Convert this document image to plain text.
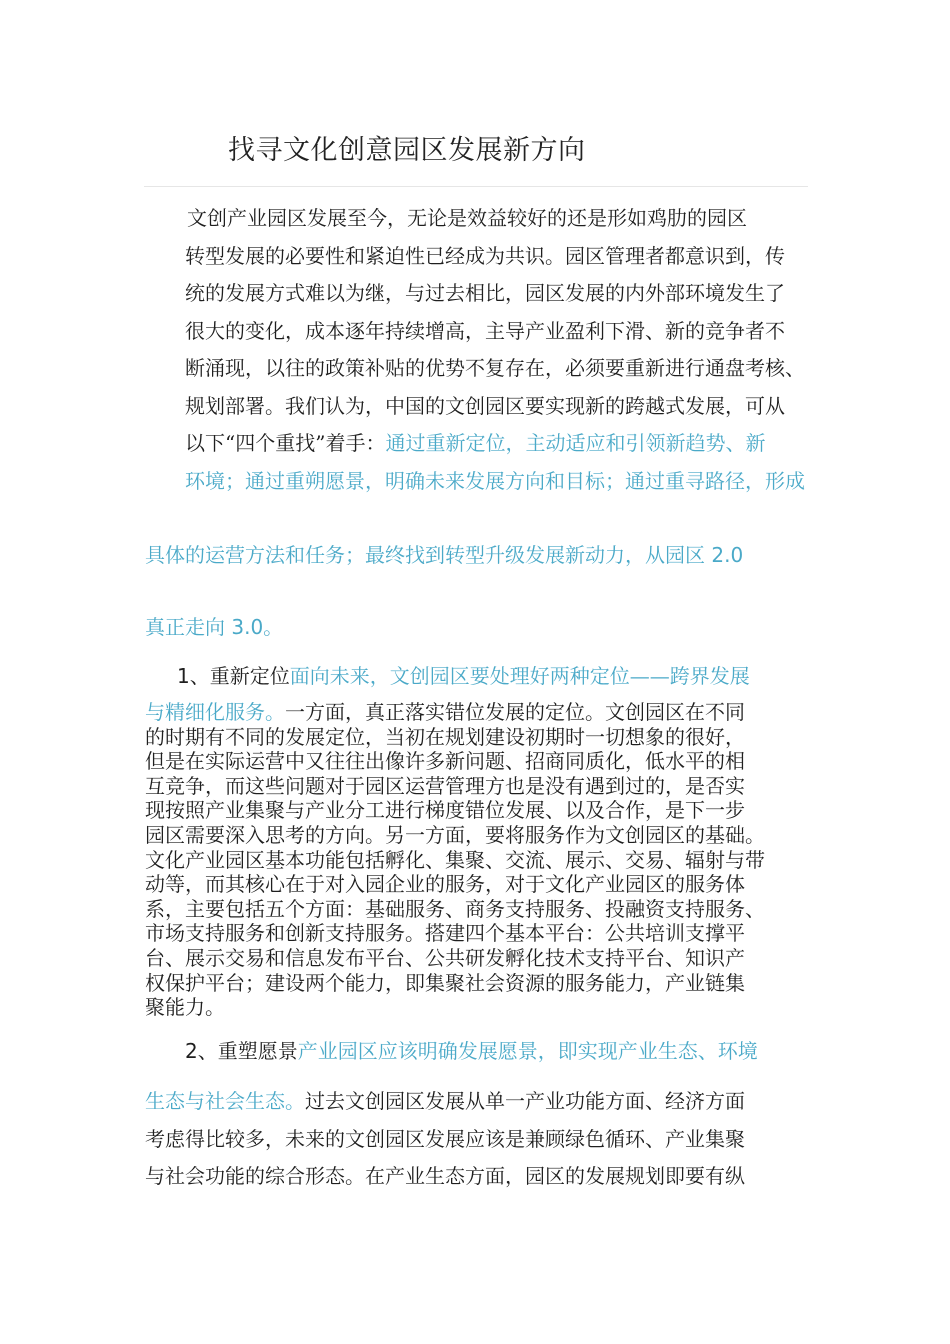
找寻文化创意园区发展新方向
文创产业园区发展至今，无论是效益较好的还是形如鸡肋的园区
转型发展的必要性和紧迫性已经成为共识。园区管理者都意识到，传
统的发展方式难以为继，与过去相比，园区发展的内外部环境发生了
很大的变化，成本逐年持续增高，主导产业盈利下滑、新的竞争者不
断涌现，以往的政策补贴的优势不复存在，必须要重新进行通盘考核、
规划部署。我们认为，中国的文创园区要实现新的跨越式发展，可从
以下“四个重找”着手：通过重新定位，主动适应和引领新趋势、新
环境；通过重朔愿景，明确未来发展方向和目标；通过重寻路径，形成
具体的运营方法和任务；最终找到转型升级发展新动力，从园区 2.0
真正走向 3.0。
1、重新定位面向未来，文创园区要处理好两种定位——跨界发展
与精细化服务。一方面，真正落实错位发展的定位。文创园区在不同
的时期有不同的发展定位，当初在规划建设初期时一切想象的很好，
但是在实际运营中又往往出像许多新问题、招商同质化，低水平的相
互竞争，而这些问题对于园区运营管理方也是没有遇到过的，是否实
现按照产业集聚与产业分工进行梯度错位发展、以及合作，是下一步
园区需要深入思考的方向。另一方面，要将服务作为文创园区的基础。
文化产业园区基本功能包括孵化、集聚、交流、展示、交易、辐射与带
动等，而其核心在于对入园企业的服务，对于文化产业园区的服务体
系，主要包括五个方面：基础服务、商务支持服务、投融资支持服务、
市场支持服务和创新支持服务。搭建四个基本平台：公共培训支撑平
台、展示交易和信息发布平台、公共研发孵化技术支持平台、知识产
权保护平台；建设两个能力，即集聚社会资源的服务能力，产业链集
聚能力。
2、重塑愿景产业园区应该明确发展愿景，即实现产业生态、环境
生态与社会生态。过去文创园区发展从单一产业功能方面、经济方面
考虑得比较多，未来的文创园区发展应该是兼顾绿色循环、产业集聚
与社会功能的综合形态。在产业生态方面，园区的发展规划即要有纵
